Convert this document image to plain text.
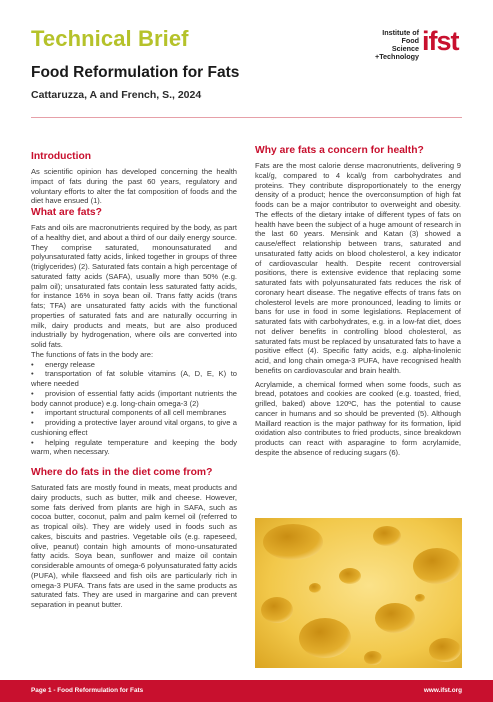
Technical Brief
Food Reformulation for Fats
Cattaruzza, A and French, S., 2024
Institute of
Food Science
+Technology
ifst
Introduction

As scientific opinion has developed concerning the health impact of fats during the past 60 years, regulatory and voluntary efforts to alter the fat composition of foods and the diet have ensued (1).

What are fats?

Fats and oils are macronutrients required by the body, as part of a healthy diet, and about a third of our daily energy source. They comprise saturated, monounsaturated and polyunsaturated fatty acids, linked together in groups of three (triglycerides) (2). Saturated fats contain a high percentage of saturated fatty acids (SAFA), usually more than 50% (e.g. palm oil); unsaturated fats contain less saturated fatty acids, for instance 16% in soya bean oil. Trans fatty acids (trans fats; TFA) are unsaturated fatty acids with the functional properties of saturated fats and are naturally occurring in milk, dairy products and meats, but are also produced industrially by hydrogenation, where oils are converted into solid fats.

The functions of fats in the body are:

• energy release
• transportation of fat soluble vitamins (A, D, E, K) to where needed
• provision of essential fatty acids (important nutrients the body cannot produce) e.g. long-chain omega-3 (2)
• important structural components of all cell membranes
• providing a protective layer around vital organs, to give a cushioning effect
• helping regulate temperature and keeping the body warm, when necessary.
Where do fats in the diet come from?

Saturated fats are mostly found in meats, meat products and dairy products, such as butter, milk and cheese. However, some fats derived from plants are high in SAFA, such as cocoa butter, coconut, palm and palm kernel oil (referred to as tropical oils). They are widely used in foods such as cakes, biscuits and pastries. Vegetable oils (e.g. rapeseed, olive, peanut) contain high amounts of mono-unsaturated fatty acids. Soya bean, sunflower and maize oil contain considerable amounts of omega-6 polyunsaturated fatty acids (PUFA), while flaxseed and fish oils are particularly rich in omega-3 PUFA. Trans fats are used in the same products as saturated fats. They are used in margarine and can prevent separation in peanut butter.

Why are fats a concern for health?

Fats are the most calorie dense macronutrients, delivering 9 kcal/g, compared to 4 kcal/g from carbohydrates and proteins. They contribute disproportionately to the energy density of a product; hence the overconsumption of high fat foods can be a major contributor to overweight and obesity. The effects of the dietary intake of different types of fats on health have been the subject of a huge amount of research in the last 60 years. Mensink and Katan (3) showed a cause/effect relationship between trans, saturated and unsaturated fatty acids on blood cholesterol, a key indicator of cardiovascular health. Despite recent controversial positions, there is extensive evidence that replacing some saturated fats with polyunsaturated fats reduces the risk of coronary heart disease. The negative effects of trans fats on cholesterol levels are more pronounced, leading to limits or bans for use in food in some legislations. Replacement of saturated fats with carbohydrates, e.g. in a low-fat diet, does not deliver benefits in controlling blood cholesterol, as saturated fats must be replaced by unsaturated fats to have a positive effect (4). Specific fatty acids, e.g. alpha-linolenic acid, and long chain omega-3 PUFA, have recognised health benefits on cardiovascular and brain health.

Acrylamide, a chemical formed when some foods, such as bread, potatoes and cookies are cooked (e.g. toasted, fried, grilled, baked) above 120ºC, has the potential to cause cancer in humans and so should be prevented (5). Although Maillard reaction is the major pathway for its formation, lipid oxidation also contributes to fried products, since breakdown products can react with asparagine to form acrylamide, despite the absence of reducing sugars (6).

Page 1 - Food Reformulation for Fats	www.ifst.org
